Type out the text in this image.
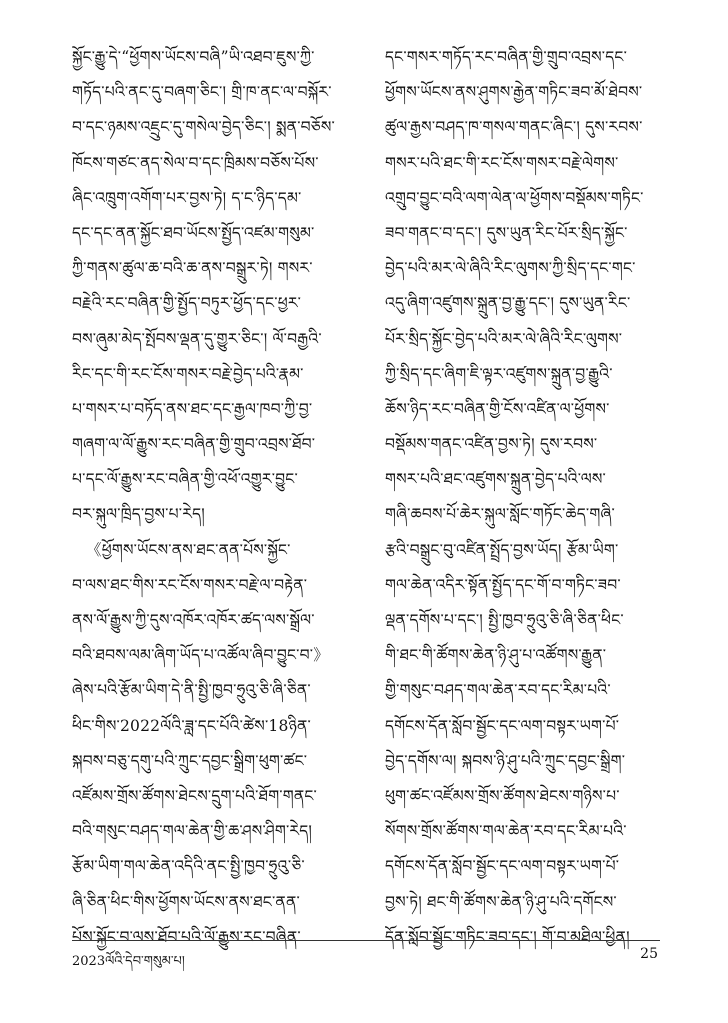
སྐྱོང་རྒྱུ་དེ་“ཕྱོགས་ཡོངས་བཞི”ཡི་འཐབ་ཇུས་ཀྱི་
གཏོད་པའི་ནང་དུ་བཞག་ཅིང་། གྲི་ཁ་ནང་ལ་བསྐོར་
བ་དང་ཉམས་འཇྲུང་དུ་གསེལ་བྱེད་ཅིང་། སྨན་བཅོས་
ཁོངས་གཙང་ནད་སེལ་བ་དང་ཁྲིམས་བཅོས་པོས་
ཞིང་འཁྲུག་འགོག་པར་བྱས་ཏེ། ད་ང་ཉིད་དམ་
དང་དང་ནན་སྐྱོང་ཐབ་ཡོངས་སྤྱོད་འཛམ་གསུམ་
ཀྱི་གནས་ཚུལ་ཆ་བའི་ཆ་ནས་བསྒྲུར་ཏེ། གསར་
བརྗེའི་རང་བཞིན་གྱི་སྤྱོད་བཏུར་ཕྱོད་དང་ཕྱར་
བས་ཞུམ་མེད་སྤོབས་ལྡན་དུ་གྱུར་ཅིང་། ལོ་བརྒྱའི་
རིང་དང་གི་རང་ངོས་གསར་བརྗེ་བྱེད་པའི་རྣམ་
པ་གསར་པ་བཏོད་ནས་ཐང་དང་རྒྱལ་ཁབ་ཀྱི་བྱ་
གཞག་ལ་ལོ་རྒྱུས་རང་བཞིན་གྱི་གྲུབ་འབྲས་ཐོབ་
པ་དང་ལོ་རྒྱུས་རང་བཞིན་གྱི་འཕོ་འགྱུར་བྱུང་
བར་སྐུལ་ཁྲིད་བྱས་པ་རེད།
《ཕྱོགས་ཡོངས་ནས་ཐང་ནན་པོས་སྐྱོང་
བ་ལས་ཐང་གིས་རང་ངོས་གསར་བརྗེ་ལ་བརྟེན་
ནས་ལོ་རྒྱུས་ཀྱི་དུས་འཁོར་འཁོར་ཚད་ལས་སྒྲོལ་
བའི་ཐབས་ལམ་ཞིག་ཡོད་པ་འཚོལ་ཞིབ་བྱུང་བ་》
ཞེས་པའི་རྩོམ་ཡིག་དེ་ནི་སྤྱི་ཁྱབ་ཧྲུའུ་ཅི་ཞི་ཅིན་
ཕིང་གིས་2022ལོའི་ཟླ་དང་པོའི་ཚེས་18ཉིན་
སྐབས་བཅུ་དགུ་པའི་ཀྲུང་དབྱང་སྒྲིག་ཕུག་ཚང་
འཛོམས་གྲོས་ཚོགས་ཐེངས་དྲུག་པའི་ཐོག་གནང་
བའི་གསུང་བཤད་གལ་ཆེན་གྱི་ཆ་ཤས་ཤིག་རེད།
རྩོམ་ཡིག་གལ་ཆེན་འདིའི་ནང་སྤྱི་ཁྱབ་ཧྲུའུ་ཅི་
ཞི་ཅིན་ཕིང་གིས་ཕྱོགས་ཡོངས་ནས་ཐང་ནན་
པོས་སྐྱོང་བ་ལས་ཐོབ་པའི་ལོ་རྒྱུས་རང་བཞིན་
དང་གསར་གཏོད་རང་བཞིན་གྱི་གྲུབ་འབྲས་དང་
ཕྱོགས་ཡོངས་ནས་ཤུགས་རྒྱེན་གཏིང་ཟབ་མོ་ཐེབས་
ཚུལ་རྒྱས་བཤད་ཁ་གསལ་གནང་ཞིང་། དུས་རབས་
གསར་པའི་ཐང་གི་རང་ངོས་གསར་བརྗེ་ལེགས་
འགྲུབ་བྱུང་བའི་ལག་ལེན་ལ་ཕྱོགས་བསྡོམས་གཏིང་
ཟབ་གནང་བ་དང་། དུས་ཡུན་རིང་པོར་སྲིད་སྐྱོང་
བྱེད་པའི་མར་ལེ་ཞིའི་རིང་ལུགས་ཀྱི་སྲིད་དང་གང་
འདུ་ཞིག་འཛུགས་སྐྲུན་བྱ་རྒྱུ་དང་། དུས་ཡུན་རིང་
པོར་སྲིད་སྐྱོང་བྱེད་པའི་མར་ལེ་ཞིའི་རིང་ལུགས་
ཀྱི་སྲིད་དང་ཞིག་ཇི་ལྟར་འཛུགས་སྐྲུན་བྱ་རྒྱུའི་
ཆོས་ཉིད་རང་བཞིན་གྱི་ངོས་འཛིན་ལ་ཕྱོགས་
བསྡོམས་གནང་འཛིན་བྱས་ཏེ། དུས་རབས་
གསར་པའི་ཐང་འཛུགས་སྐྲུན་བྱེད་པའི་ལས་
གཞི་ཆབས་པོ་ཆེར་སྐུལ་སློང་གཏོང་ཆེད་གཞི་
རྩའི་བསྒྲུང་བུ་འཛིན་སྤྲོད་བྱས་ཡོད། རྩོམ་ཡིག་
གལ་ཆེན་འདིར་སྟོན་སྤྱོད་དང་གོ་བ་གཏིང་ཟབ་
ལྡན་དགོས་པ་དང་། སྤྱི་ཁྱབ་ཧྲུའུ་ཅི་ཞི་ཅིན་ཕིང་
གི་ཐང་གི་ཚོགས་ཆེན་ཉི་ཤུ་པ་འཚོགས་རྒྱུན་
གྱི་གསུང་བཤད་གལ་ཆེན་རབ་དང་རིམ་པའི་
དགོངས་དོན་སློབ་སྦྱོང་དང་ལག་བསྟར་ཡག་པོ་
བྱེད་དགོས་ལ། སྐབས་ཉི་ཤུ་པའི་ཀྲུང་དབྱང་སྒྲིག་
ཕུག་ཚང་འཛོམས་གྲོས་ཚོགས་ཐེངས་གཉིས་པ་
སོགས་གྲོས་ཚོགས་གལ་ཆེན་རབ་དང་རིམ་པའི་
དགོངས་དོན་སློབ་སྦྱོང་དང་ལག་བསྟར་ཡག་པོ་
བྱས་ཏེ། ཐང་གི་ཚོགས་ཆེན་ཉི་ཤུ་པའི་དགོངས་
དོན་སློབ་སྦྱོང་གཏིང་ཟབ་དང་། གོ་བ་མཐིལ་ཕྱིན།
2023ལོའི་དེབ་གསུམ་པ།	25
